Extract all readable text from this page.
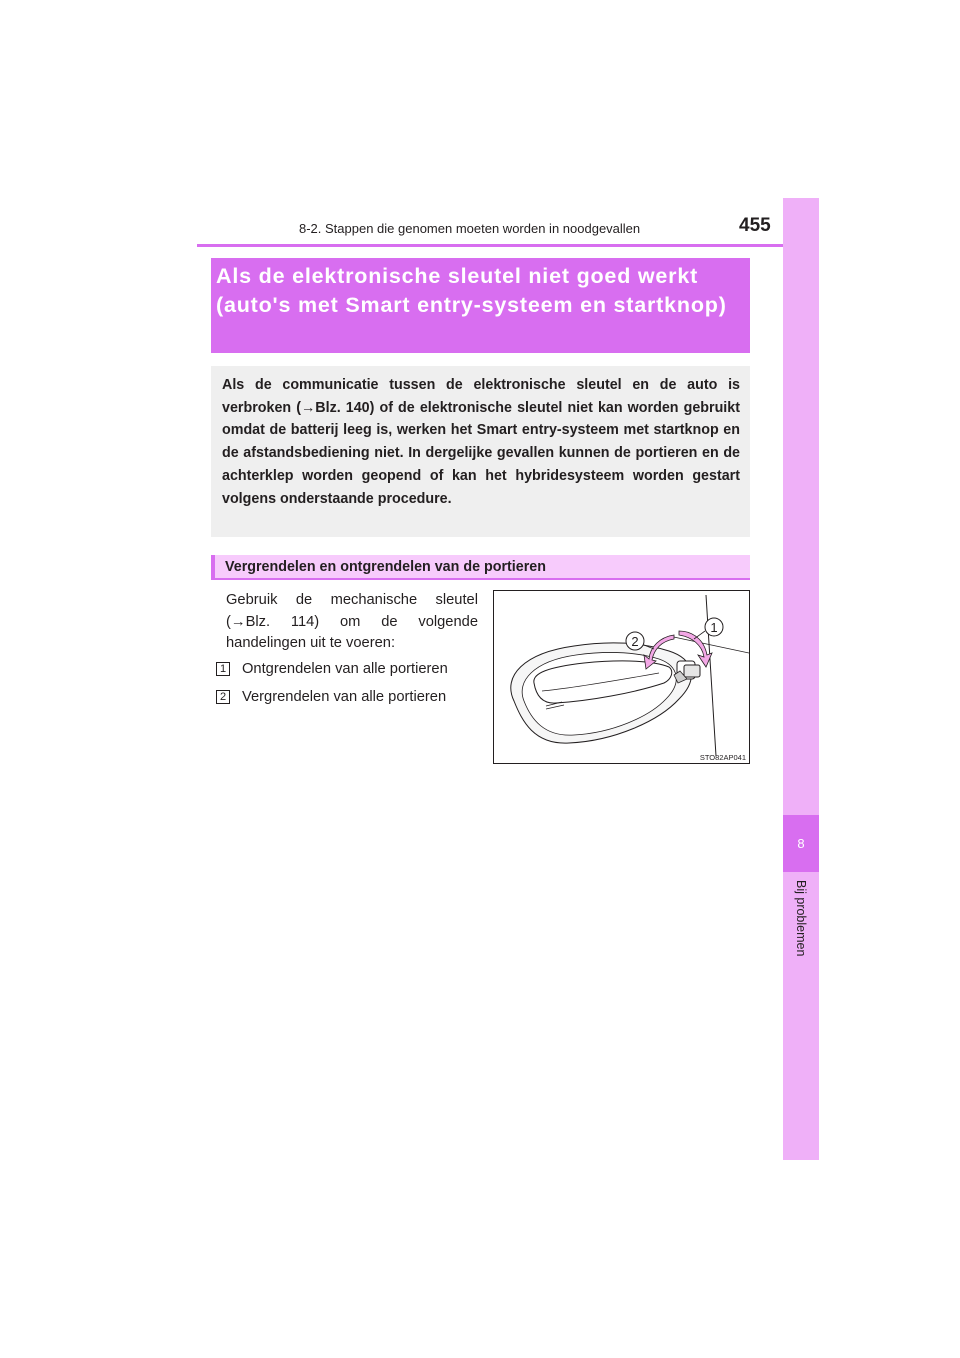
8-2. Stappen die genomen moeten worden in noodgevallen	455
8
Bij problemen
Als de elektronische sleutel niet goed werkt (auto's met Smart entry-systeem en startknop)

Als de communicatie tussen de elektronische sleutel en de auto is verbroken (→Blz. 140) of de elektronische sleutel niet kan worden gebruikt omdat de batterij leeg is, werken het Smart entry-systeem met startknop en de afstandsbediening niet. In dergelijke gevallen kunnen de portieren en de achterklep worden geopend of kan het hybridesysteem worden gestart volgens onderstaande procedure.

Vergrendelen en ontgrendelen van de portieren

Gebruik de mechanische sleutel (→Blz. 114) om de volgende handelingen uit te voeren:

1 Ontgrendelen van alle portieren
2 Vergrendelen van alle portieren
1
2
STO82AP041
